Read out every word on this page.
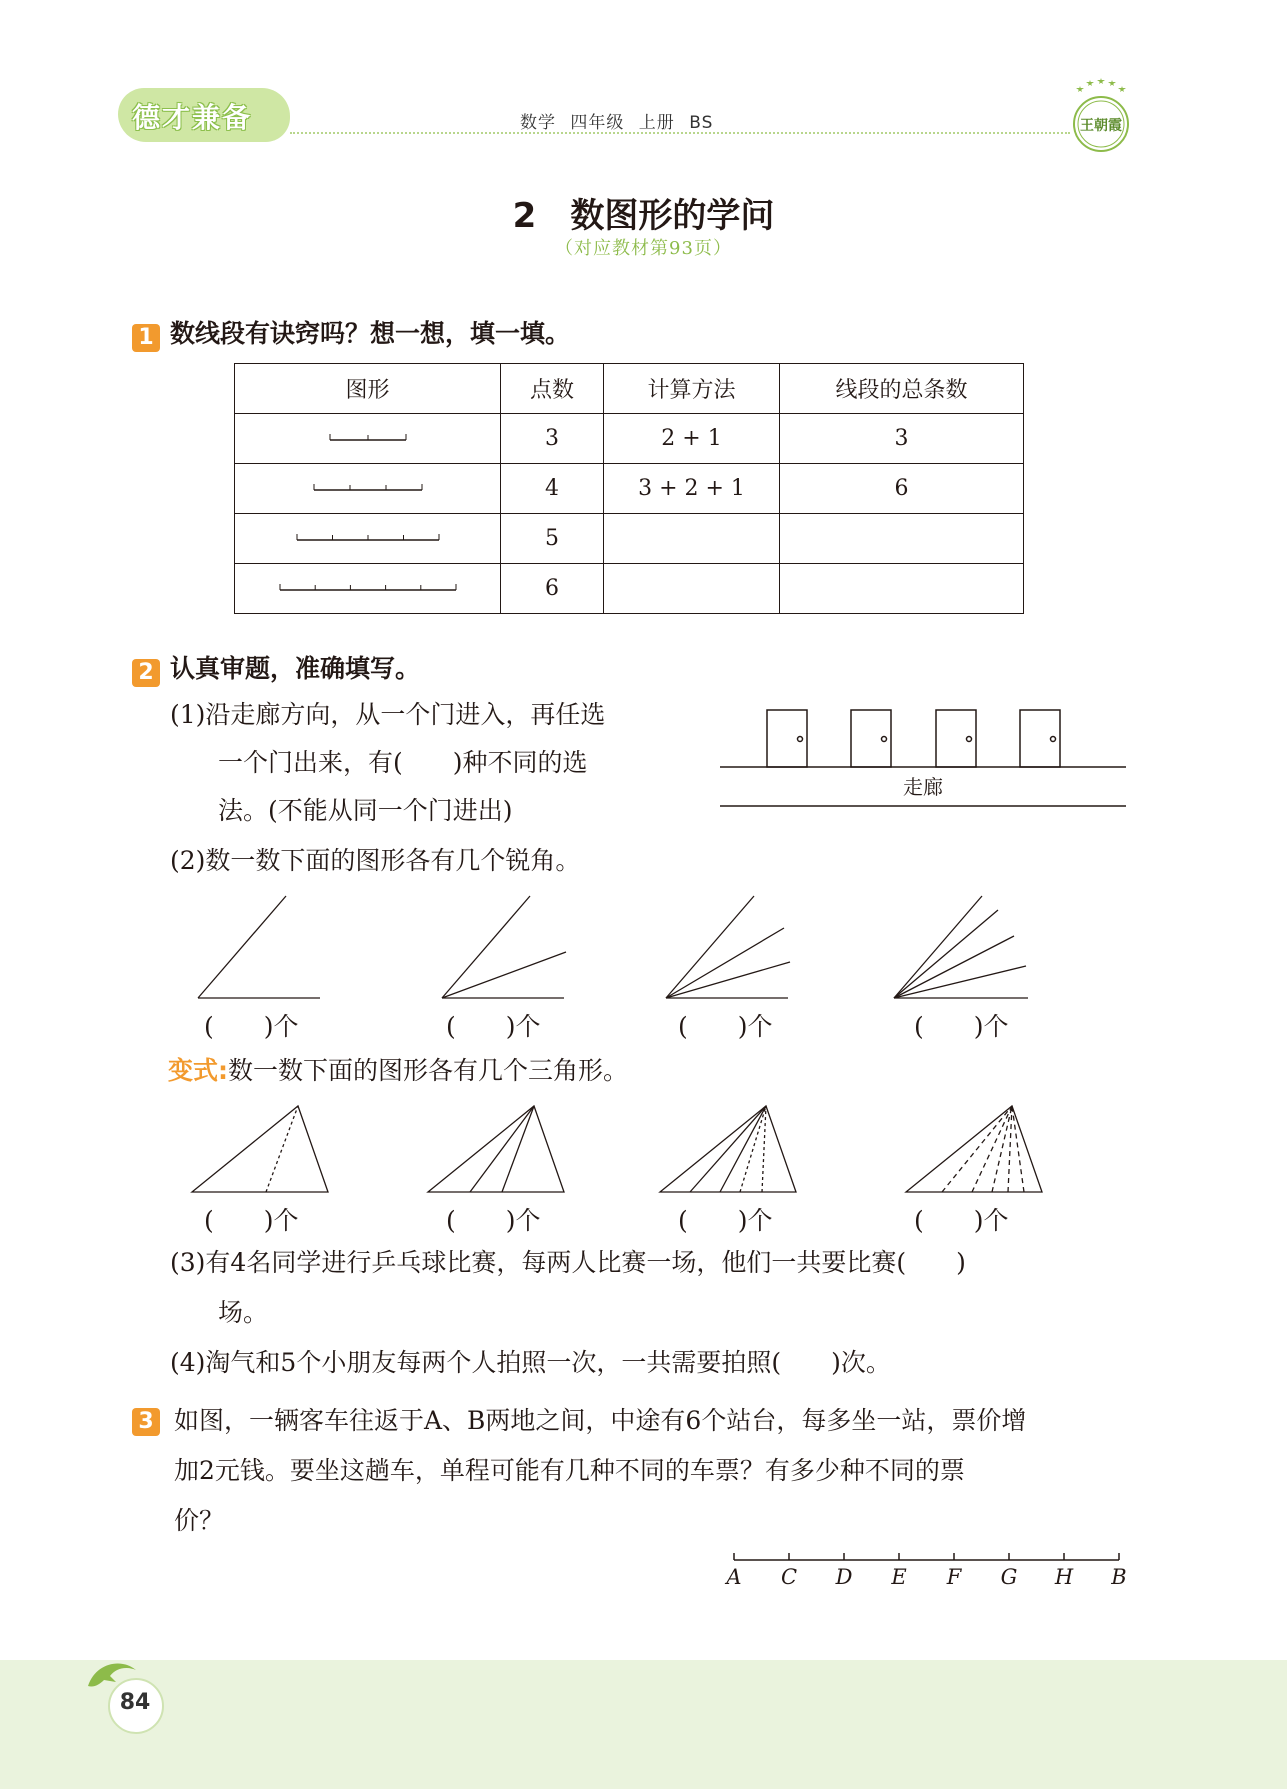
德才兼备	数学 四年级 上册 BS	王朝霞
2　数图形的学问
（对应教材第93页）
1 数线段有诀窍吗？想一想，填一填。
图形	点数	计算方法	线段的总条数
	3	2 + 1	3
	4	3 + 2 + 1	6
	5		
	6		
2 认真审题，准确填写。
(1)沿走廊方向，从一个门进入，再任选
一个门出来，有(　　)种不同的选
法。(不能从同一个门进出)
走廊
(2)数一数下面的图形各有几个锐角。
(　　)个	(　　)个	(　　)个	(　　)个
变式:数一数下面的图形各有几个三角形。
(　　)个	(　　)个	(　　)个	(　　)个
(3)有4名同学进行乒乓球比赛，每两人比赛一场，他们一共要比赛(　　)
场。
(4)淘气和5个小朋友每两个人拍照一次，一共需要拍照(　　)次。
3 如图，一辆客车往返于A、B两地之间，中途有6个站台，每多坐一站，票价增
加2元钱。要坐这趟车，单程可能有几种不同的车票？有多少种不同的票
价？
A C D E F G H B
84
